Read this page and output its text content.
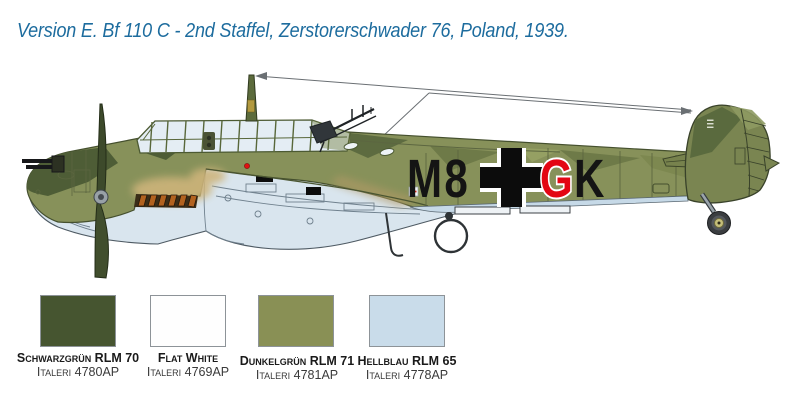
Version E. Bf 110 C - 2nd Staffel, Zerstorerschwader 76, Poland, 1939.
M8 G K
III
Schwarzgrün RLM 70
Italeri 4780AP
Flat White
Italeri 4769AP
Dunkelgrün RLM 71
Italeri 4781AP
Hellblau RLM 65
Italeri 4778AP
